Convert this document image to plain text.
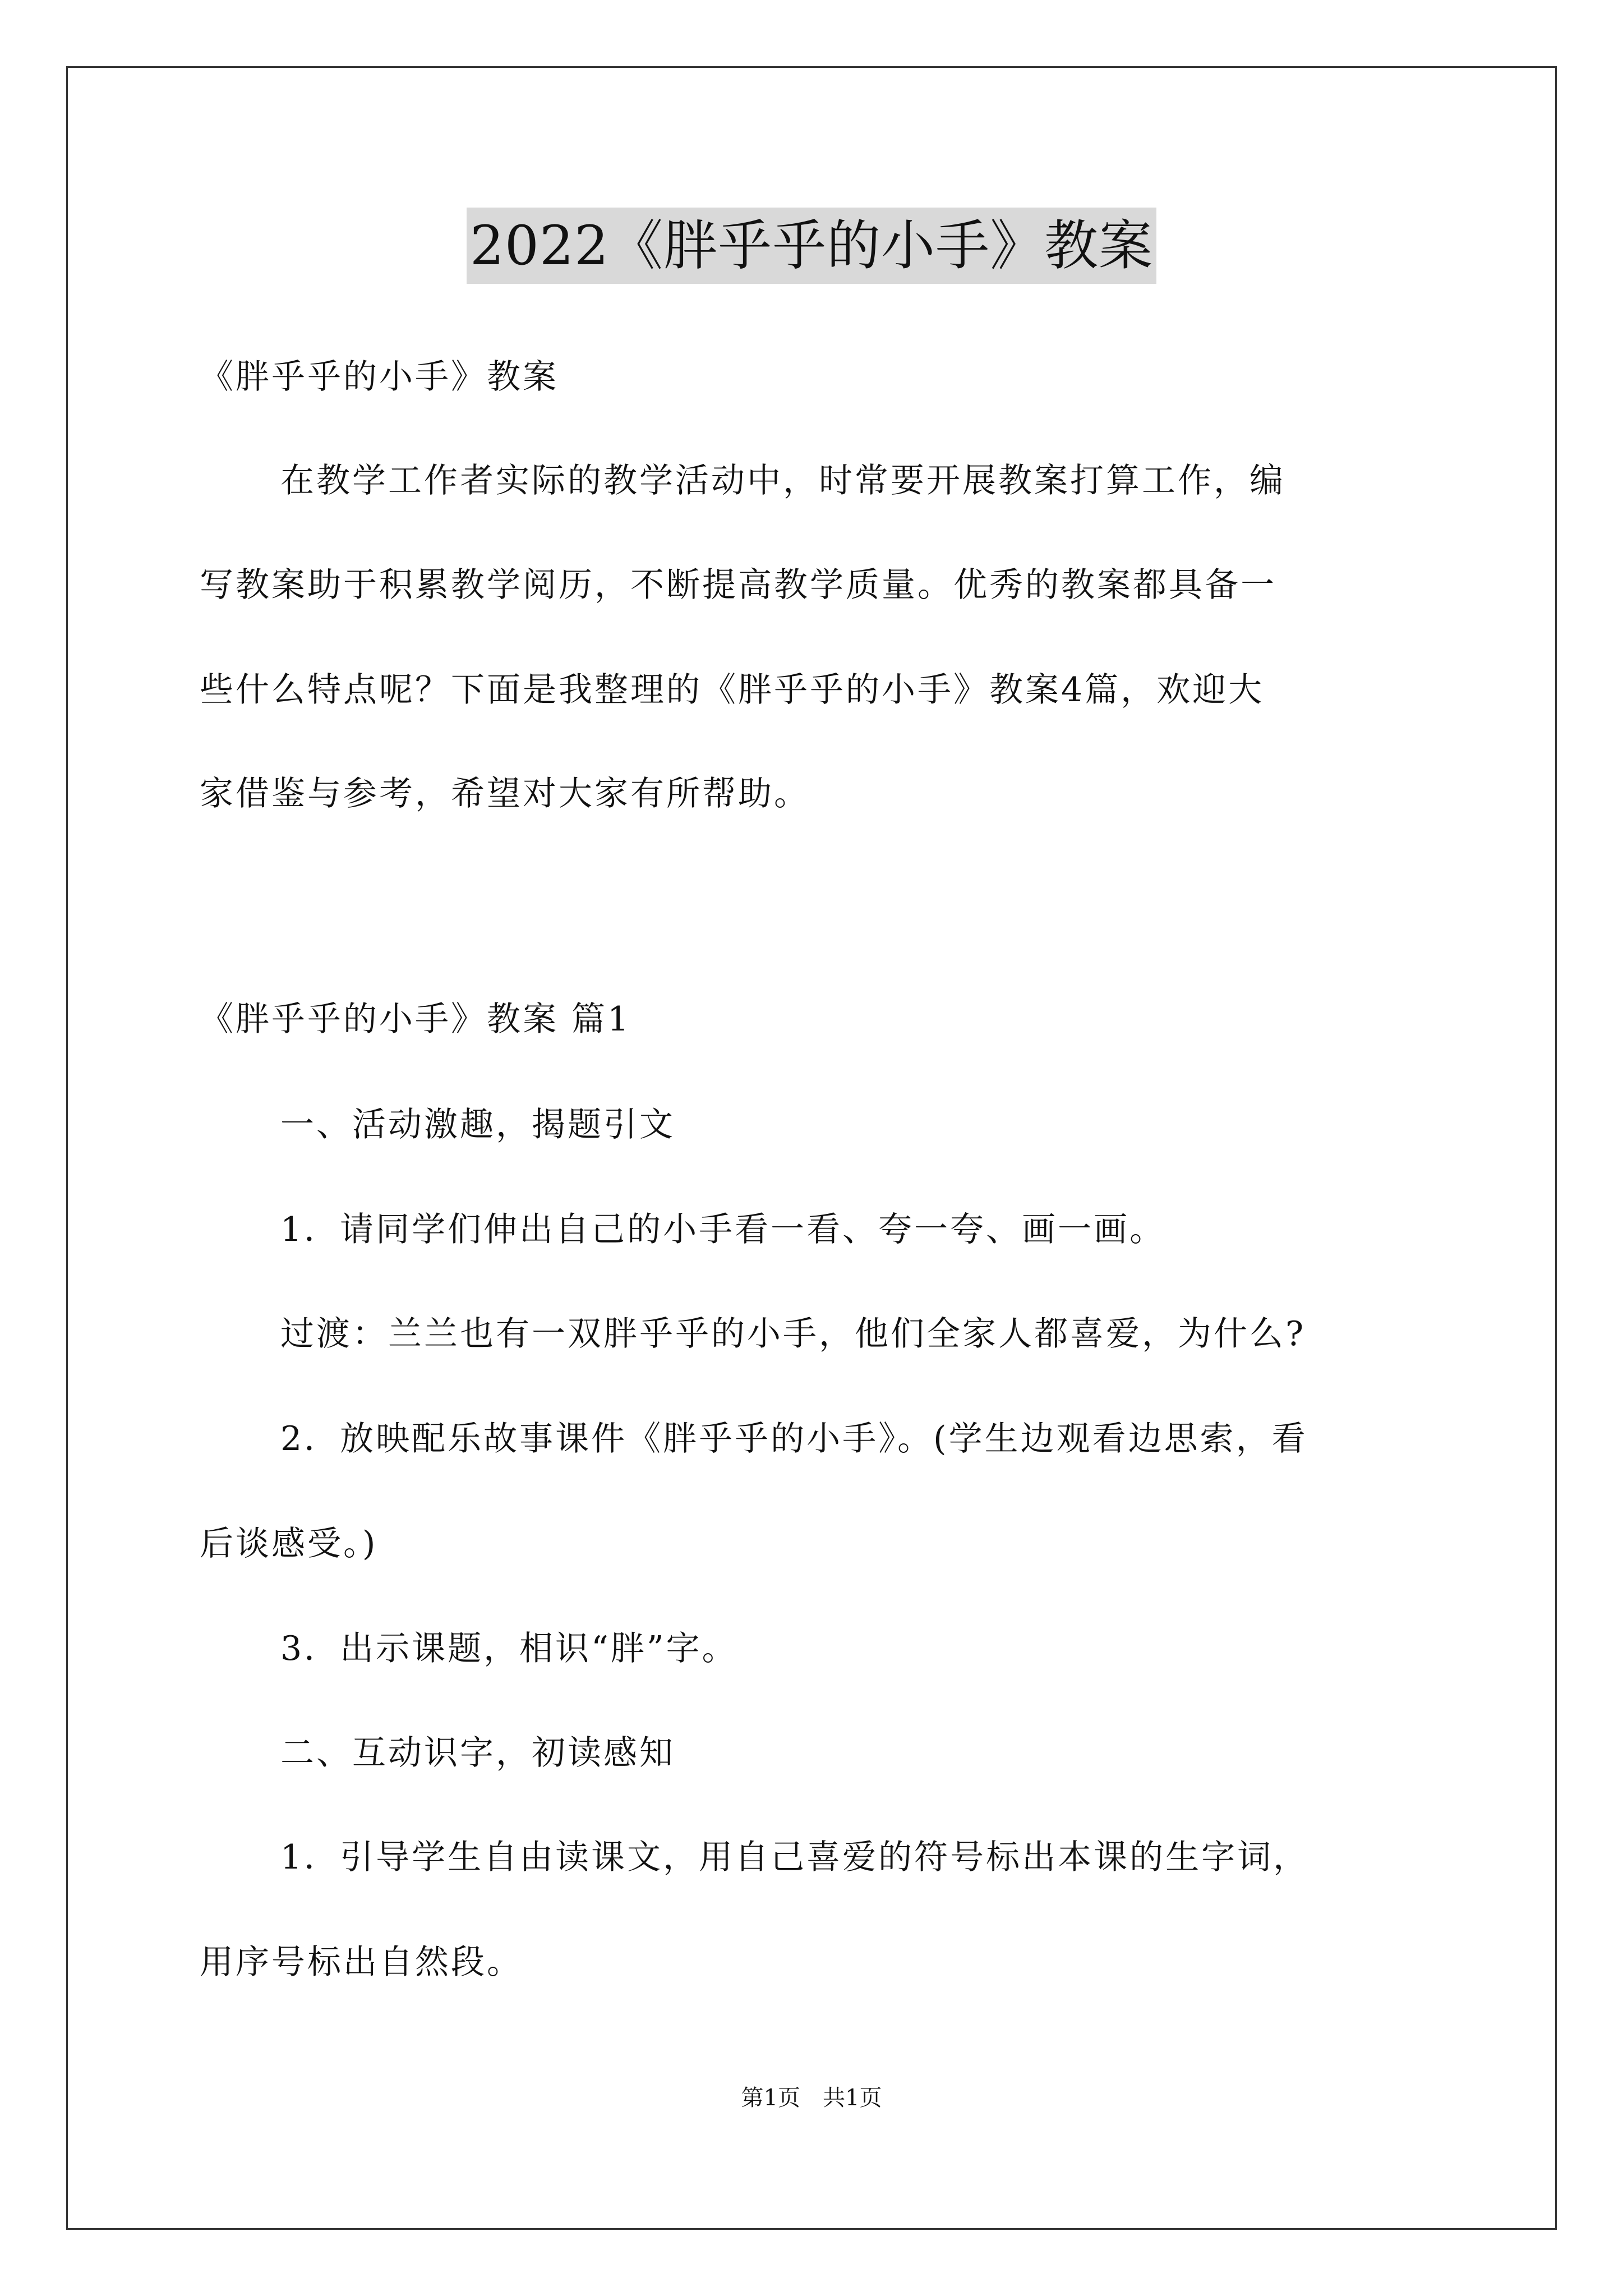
2022《胖乎乎的小手》教案

《胖乎乎的小手》教案

在教学工作者实际的教学活动中，时常要开展教案打算工作，编

写教案助于积累教学阅历，不断提高教学质量。优秀的教案都具备一

些什么特点呢？下面是我整理的《胖乎乎的小手》教案4篇，欢迎大

家借鉴与参考，希望对大家有所帮助。

《胖乎乎的小手》教案 篇1

一、活动激趣，揭题引文

1．请同学们伸出自己的小手看一看、夸一夸、画一画。

过渡：兰兰也有一双胖乎乎的小手，他们全家人都喜爱，为什么?

2．放映配乐故事课件《胖乎乎的小手》。(学生边观看边思索，看

后谈感受。)

3．出示课题，相识“胖”字。

二、互动识字，初读感知

1．引导学生自由读课文，用自己喜爱的符号标出本课的生字词，

用序号标出自然段。

第1页 共1页
